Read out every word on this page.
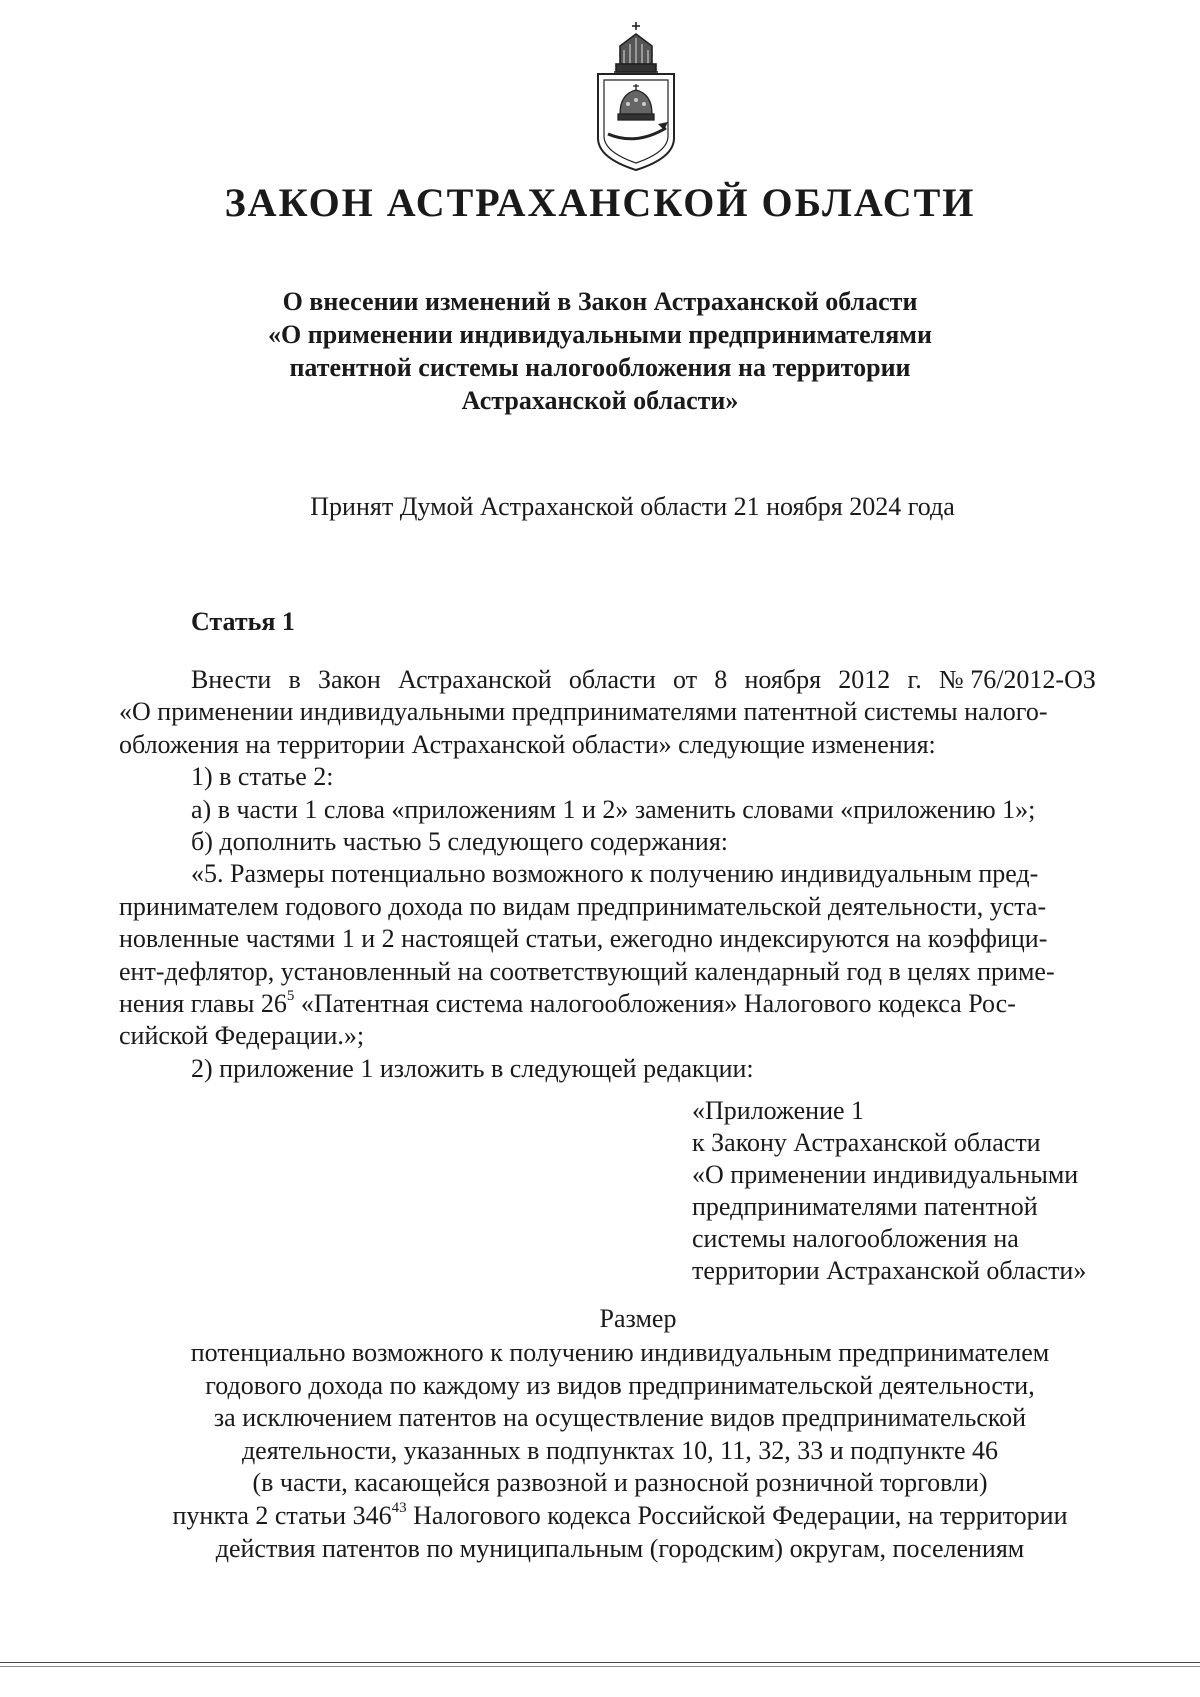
ЗАКОН АСТРАХАНСКОЙ ОБЛАСТИ
О внесении изменений в Закон Астраханской области
«О применении индивидуальными предпринимателями
патентной системы налогообложения на территории
Астраханской области»
Принят Думой Астраханской области 21 ноября 2024 года
Статья 1
Внести в Закон Астраханской области от 8 ноября 2012 г. № 76/2012-ОЗ
«О применении индивидуальными предпринимателями патентной системы налого-
обложения на территории Астраханской области» следующие изменения:
1) в статье 2:
а) в части 1 слова «приложениям 1 и 2» заменить словами «приложению 1»;
б) дополнить частью 5 следующего содержания:
«5. Размеры потенциально возможного к получению индивидуальным пред-
принимателем годового дохода по видам предпринимательской деятельности, уста-
новленные частями 1 и 2 настоящей статьи, ежегодно индексируются на коэффици-
ент-дефлятор, установленный на соответствующий календарный год в целях приме-
нения главы $26^5$ «Патентная система налогообложения» Налогового кодекса Рос-
сийской Федерации.»;
2) приложение 1 изложить в следующей редакции:
«Приложение 1
к Закону Астраханской области
«О применении индивидуальными
предпринимателями патентной
системы налогообложения на
территории Астраханской области»
Размер
потенциально возможного к получению индивидуальным предпринимателем
годового дохода по каждому из видов предпринимательской деятельности,
за исключением патентов на осуществление видов предпринимательской
деятельности, указанных в подпунктах 10, 11, 32, 33 и подпункте 46
(в части, касающейся развозной и разносной розничной торговли)
пункта 2 статьи $346^{43}$ Налогового кодекса Российской Федерации, на территории
действия патентов по муниципальным (городским) округам, поселениям
